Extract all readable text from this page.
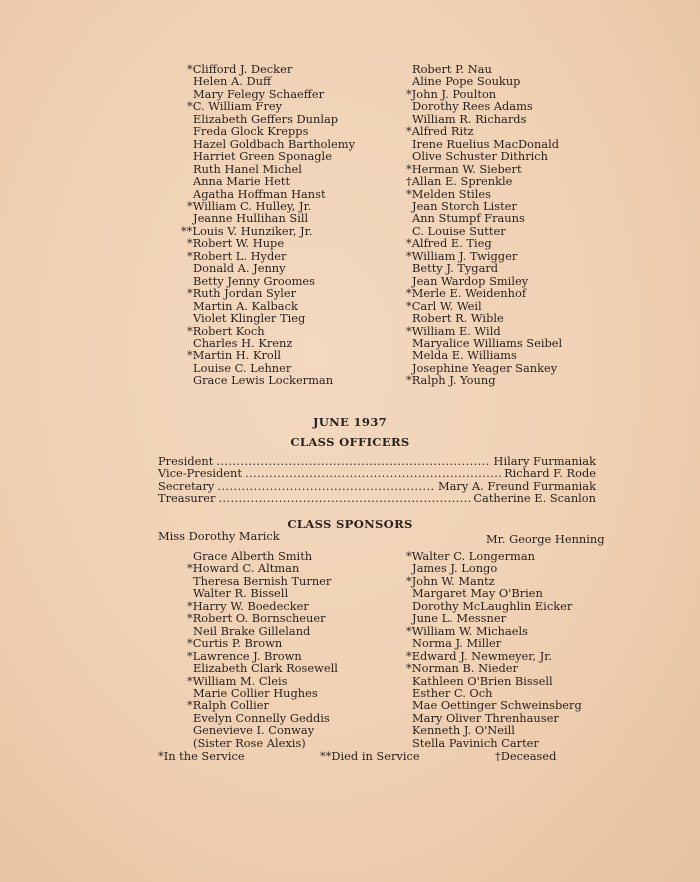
*Clifford J. Decker
Helen A. Duff
Mary Felegy Schaeffer
*C. William Frey
Elizabeth Geffers Dunlap
Freda Glock Krepps
Hazel Goldbach Bartholemy
Harriet Green Sponagle
Ruth Hanel Michel
Anna Marie Hett
Agatha Hoffman Hanst
*William C. Hulley, Jr.
Jeanne Hullihan Sill
**Louis V. Hunziker, Jr.
*Robert W. Hupe
*Robert L. Hyder
Donald A. Jenny
Betty Jenny Groomes
*Ruth Jordan Syler
Martin A. Kalback
Violet Klingler Tieg
*Robert Koch
Charles H. Krenz
*Martin H. Kroll
Louise C. Lehner
Grace Lewis Lockerman
Robert P. Nau
Aline Pope Soukup
*John J. Poulton
Dorothy Rees Adams
William R. Richards
*Alfred Ritz
Irene Ruelius MacDonald
Olive Schuster Dithrich
*Herman W. Siebert
†Allan E. Sprenkle
*Melden Stiles
Jean Storch Lister
Ann Stumpf Frauns
C. Louise Sutter
*Alfred E. Tieg
*William J. Twigger
Betty J. Tygard
Jean Wardop Smiley
*Merle E. Weidenhof
*Carl W. Weil
Robert R. Wible
*William E. Wild
Maryalice Williams Seibel
Melda E. Williams
Josephine Yeager Sankey
*Ralph J. Young
JUNE 1937
CLASS OFFICERS
President .....	Hilary Furmaniak
Vice-President .....	Richard F. Rode
Secretary .....	Mary A. Freund Furmaniak
Treasurer .....	Catherine E. Scanlon
CLASS SPONSORS
Miss Dorothy Marick	Mr. George Henning
Grace Alberth Smith
*Howard C. Altman
Theresa Bernish Turner
Walter R. Bissell
*Harry W. Boedecker
*Robert O. Bornscheuer
Neil Brake Gilleland
*Curtis P. Brown
*Lawrence J. Brown
Elizabeth Clark Rosewell
*William M. Cleis
Marie Collier Hughes
*Ralph Collier
Evelyn Connelly Geddis
Genevieve I. Conway
(Sister Rose Alexis)
*Walter C. Longerman
James J. Longo
*John W. Mantz
Margaret May O'Brien
Dorothy McLaughlin Eicker
June L. Messner
*William W. Michaels
Norma J. Miller
*Edward J. Newmeyer, Jr.
*Norman B. Nieder
Kathleen O'Brien Bissell
Esther C. Och
Mae Oettinger Schweinsberg
Mary Oliver Threnhauser
Kenneth J. O'Neill
Stella Pavinich Carter
*In the Service	**Died in Service	†Deceased
